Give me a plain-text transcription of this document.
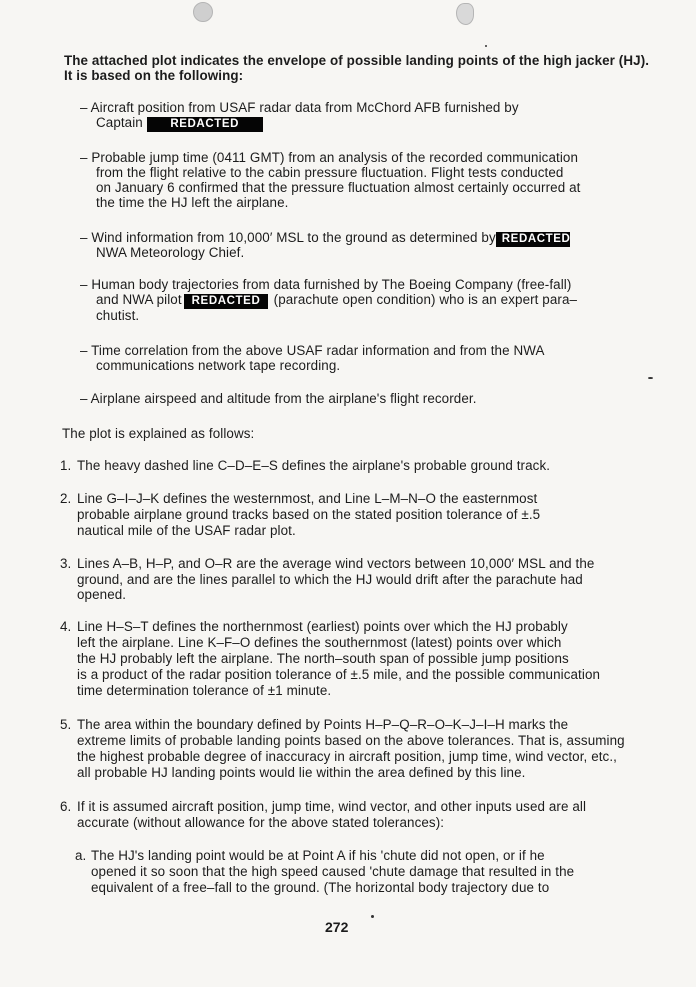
The attached plot indicates the envelope of possible landing points of the high jacker (HJ).
It is based on the following:
– Aircraft position from USAF radar data from McChord AFB furnished by
Captain REDACTED
– Probable jump time (0411 GMT) from an analysis of the recorded communication
from the flight relative to the cabin pressure fluctuation. Flight tests conducted
on January 6 confirmed that the pressure fluctuation almost certainly occurred at
the time the HJ left the airplane.
– Wind information from 10,000′ MSL to the ground as determined by REDACTED
NWA Meteorology Chief.
– Human body trajectories from data furnished by The Boeing Company (free-fall)
and NWA pilot REDACTED (parachute open condition) who is an expert para–
chutist.
– Time correlation from the above USAF radar information and from the NWA
communications network tape recording.
– Airplane airspeed and altitude from the airplane's flight recorder.
The plot is explained as follows:
1. The heavy dashed line C–D–E–S defines the airplane's probable ground track.
2. Line G–I–J–K defines the westernmost, and Line L–M–N–O the easternmost
probable airplane ground tracks based on the stated position tolerance of ±.5
nautical mile of the USAF radar plot.
3. Lines A–B, H–P, and O–R are the average wind vectors between 10,000′ MSL and the
ground, and are the lines parallel to which the HJ would drift after the parachute had
opened.
4. Line H–S–T defines the northernmost (earliest) points over which the HJ probably
left the airplane. Line K–F–O defines the southernmost (latest) points over which
the HJ probably left the airplane. The north–south span of possible jump positions
is a product of the radar position tolerance of ±.5 mile, and the possible communication
time determination tolerance of ±1 minute.
5. The area within the boundary defined by Points H–P–Q–R–O–K–J–I–H marks the
extreme limits of probable landing points based on the above tolerances. That is, assuming
the highest probable degree of inaccuracy in aircraft position, jump time, wind vector, etc.,
all probable HJ landing points would lie within the area defined by this line.
6. If it is assumed aircraft position, jump time, wind vector, and other inputs used are all
accurate (without allowance for the above stated tolerances):
a. The HJ's landing point would be at Point A if his 'chute did not open, or if he
opened it so soon that the high speed caused 'chute damage that resulted in the
equivalent of a free–fall to the ground. (The horizontal body trajectory due to
272
